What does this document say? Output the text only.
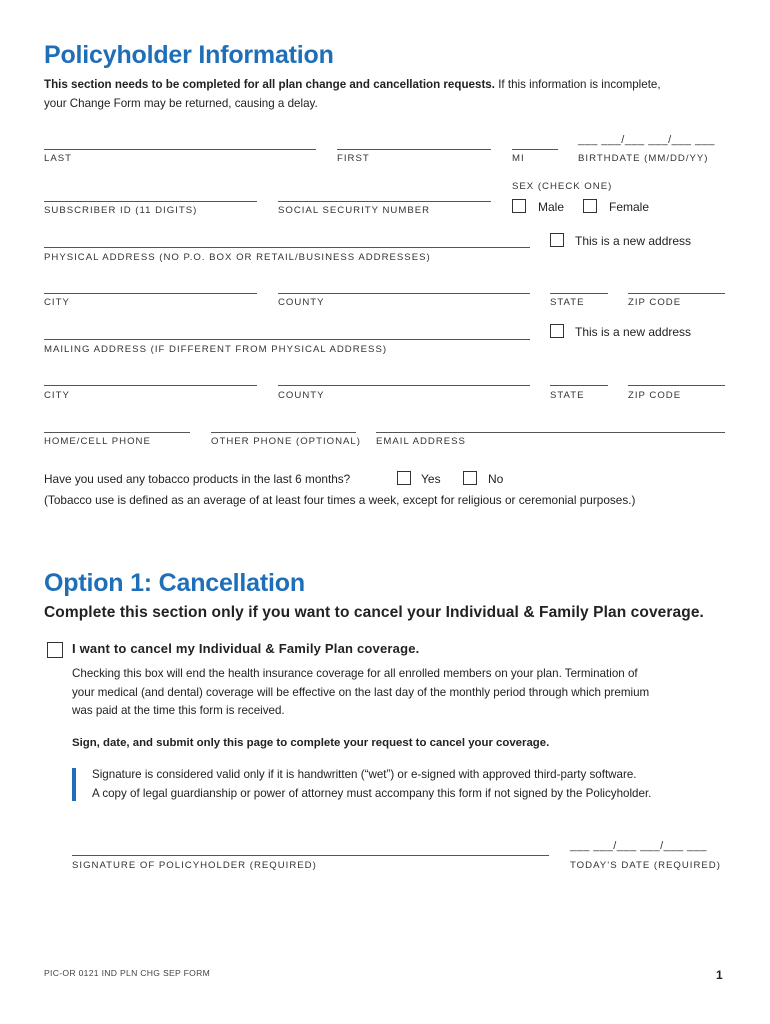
Policyholder Information
This section needs to be completed for all plan change and cancellation requests. If this information is incomplete,
your Change Form may be returned, causing a delay.
LAST	FIRST	MI
___ ___/___ ___/___ ___
BIRTHDATE (MM/DD/YY)
SEX (CHECK ONE)
SUBSCRIBER ID (11 DIGITS)	SOCIAL SECURITY NUMBER	Male	Female
This is a new address
PHYSICAL ADDRESS (NO P.O. BOX OR RETAIL/BUSINESS ADDRESSES)
CITY	COUNTY	STATE	ZIP CODE
This is a new address
MAILING ADDRESS (IF DIFFERENT FROM PHYSICAL ADDRESS)
CITY	COUNTY	STATE	ZIP CODE
HOME/CELL PHONE	OTHER PHONE (OPTIONAL) EMAIL ADDRESS
Have you used any tobacco products in the last 6 months?	Yes	No
(Tobacco use is defined as an average of at least four times a week, except for religious or ceremonial purposes.)
Option 1: Cancellation
Complete this section only if you want to cancel your Individual & Family Plan coverage.
I want to cancel my Individual & Family Plan coverage.
Checking this box will end the health insurance coverage for all enrolled members on your plan. Termination of
your medical (and dental) coverage will be effective on the last day of the monthly period through which premium
was paid at the time this form is received.
Sign, date, and submit only this page to complete your request to cancel your coverage.
Signature is considered valid only if it is handwritten (“wet”) or e-signed with approved third-party software.
A copy of legal guardianship or power of attorney must accompany this form if not signed by the Policyholder.
SIGNATURE OF POLICYHOLDER (REQUIRED)
___ ___/___ ___/___ ___
TODAY’S DATE (REQUIRED)
PIC-OR 0121 IND PLN CHG SEP FORM	1
